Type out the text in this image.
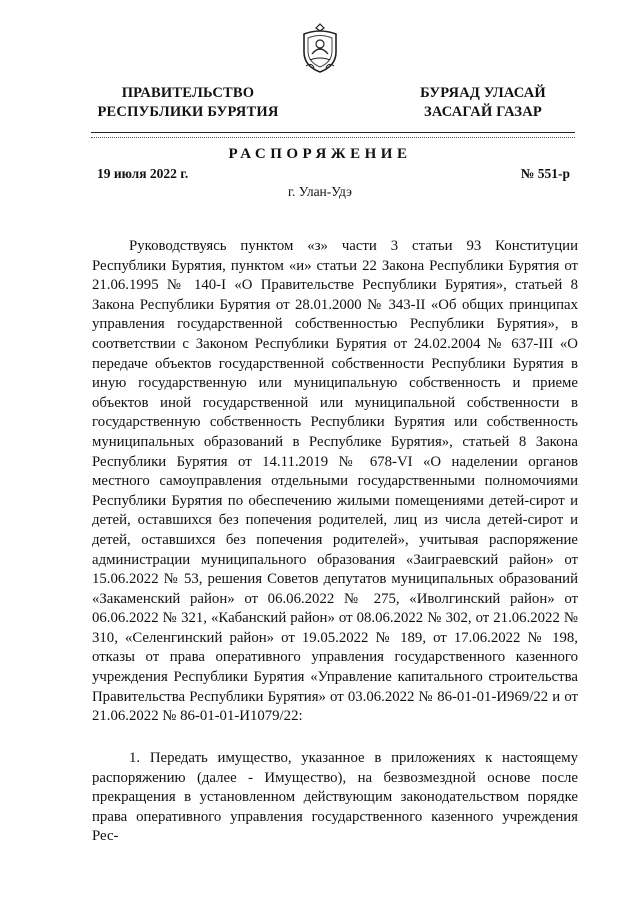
ПРАВИТЕЛЬСТВО
РЕСПУБЛИКИ БУРЯТИЯ
БУРЯАД УЛАСАЙ
ЗАСАГАЙ ГАЗАР
РАСПОРЯЖЕНИЕ
19 июля 2022 г.	№ 551-р
г. Улан-Удэ

Руководствуясь пунктом «з» части 3 статьи 93 Конституции Республики Бурятия, пунктом «и» статьи 22 Закона Республики Бурятия от 21.06.1995 № 140-I «О Правительстве Республики Бурятия», статьей 8 Закона Республики Бурятия от 28.01.2000 № 343-II «Об общих принципах управления государственной собственностью Республики Бурятия», в соответствии с Законом Республики Бурятия от 24.02.2004 № 637-III «О передаче объектов государственной собственности Республики Бурятия в иную государственную или муниципальную собственность и приеме объектов иной государственной или муниципальной собственности в государственную собственность Республики Бурятия или собственность муниципальных образований в Республике Бурятия», статьей 8 Закона Республики Бурятия от 14.11.2019 № 678-VI «О наделении органов местного самоуправления отдельными государственными полномочиями Республики Бурятия по обеспечению жилыми помещениями детей-сирот и детей, оставшихся без попечения родителей, лиц из числа детей-сирот и детей, оставшихся без попечения родителей», учитывая распоряжение администрации муниципального образования «Заиграевский район» от 15.06.2022 № 53, решения Советов депутатов муниципальных образований «Закаменский район» от 06.06.2022 № 275, «Иволгинский район» от 06.06.2022 № 321, «Кабанский район» от 08.06.2022 № 302, от 21.06.2022 № 310, «Селенгинский район» от 19.05.2022 № 189, от 17.06.2022 № 198, отказы от права оперативного управления государственного казенного учреждения Республики Бурятия «Управление капитального строительства Правительства Республики Бурятия» от 03.06.2022 № 86-01-01-И969/22 и от 21.06.2022 № 86-01-01-И1079/22:

1. Передать имущество, указанное в приложениях к настоящему распоряжению (далее - Имущество), на безвозмездной основе после прекращения в установленном действующим законодательством порядке права оперативного управления государственного казенного учреждения Рес-
